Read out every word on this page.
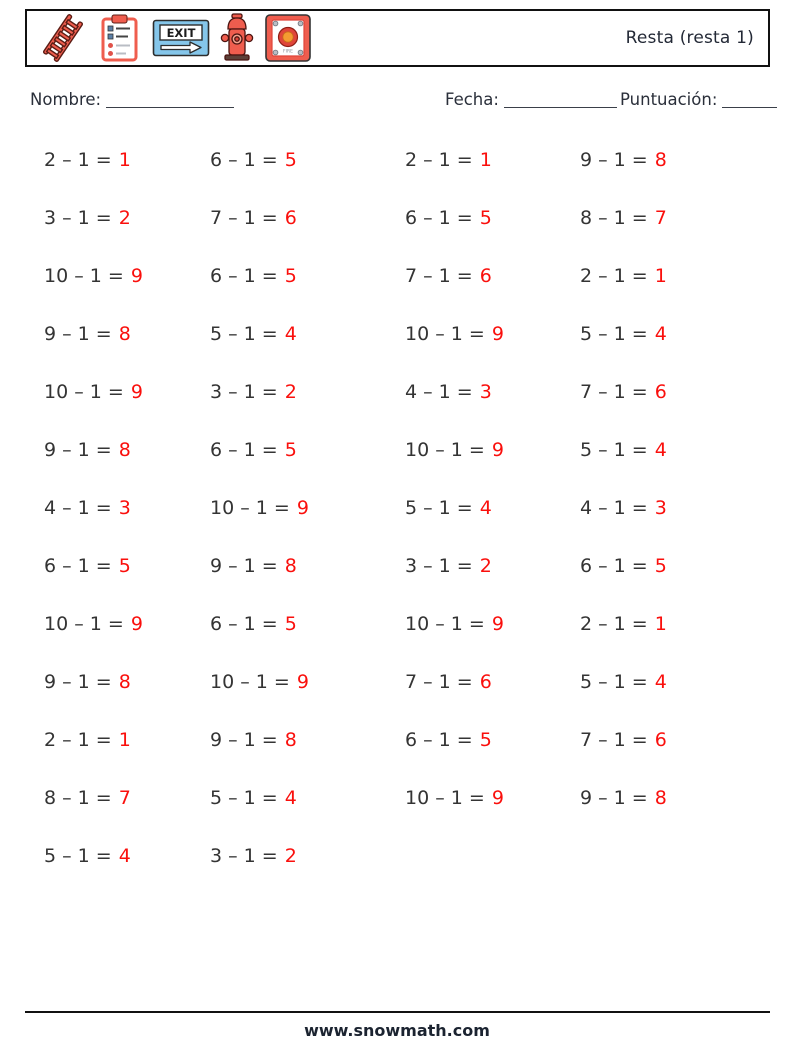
EXIT
FIRE
Resta (resta 1)
Nombre:	Fecha:	Puntuación:
2 – 1 = 1	6 – 1 = 5	2 – 1 = 1	9 – 1 = 8
3 – 1 = 2	7 – 1 = 6	6 – 1 = 5	8 – 1 = 7
10 – 1 = 9	6 – 1 = 5	7 – 1 = 6	2 – 1 = 1
9 – 1 = 8	5 – 1 = 4	10 – 1 = 9	5 – 1 = 4
10 – 1 = 9	3 – 1 = 2	4 – 1 = 3	7 – 1 = 6
9 – 1 = 8	6 – 1 = 5	10 – 1 = 9	5 – 1 = 4
4 – 1 = 3	10 – 1 = 9	5 – 1 = 4	4 – 1 = 3
6 – 1 = 5	9 – 1 = 8	3 – 1 = 2	6 – 1 = 5
10 – 1 = 9	6 – 1 = 5	10 – 1 = 9	2 – 1 = 1
9 – 1 = 8	10 – 1 = 9	7 – 1 = 6	5 – 1 = 4
2 – 1 = 1	9 – 1 = 8	6 – 1 = 5	7 – 1 = 6
8 – 1 = 7	5 – 1 = 4	10 – 1 = 9	9 – 1 = 8
5 – 1 = 4	3 – 1 = 2
www.snowmath.com
